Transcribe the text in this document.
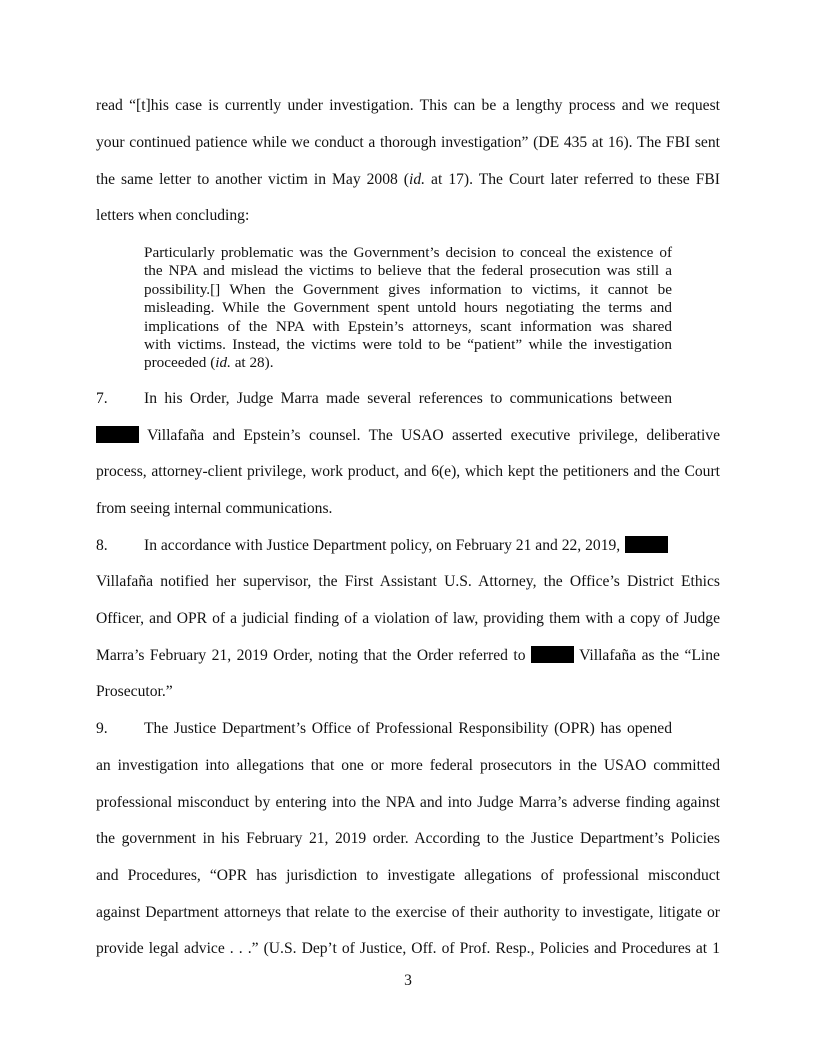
read “[t]his case is currently under investigation. This can be a lengthy process and we request
your continued patience while we conduct a thorough investigation” (DE 435 at 16). The FBI sent
the same letter to another victim in May 2008 (id. at 17). The Court later referred to these FBI
letters when concluding:
Particularly problematic was the Government’s decision to conceal the existence of
the NPA and mislead the victims to believe that the federal prosecution was still a
possibility.[] When the Government gives information to victims, it cannot be
misleading. While the Government spent untold hours negotiating the terms and
implications of the NPA with Epstein’s attorneys, scant information was shared
with victims. Instead, the victims were told to be “patient” while the investigation
proceeded (id. at 28).
7. In his Order, Judge Marra made several references to communications between
Villafaña and Epstein’s counsel. The USAO asserted executive privilege, deliberative
process, attorney-client privilege, work product, and 6(e), which kept the petitioners and the Court
from seeing internal communications.
8. In accordance with Justice Department policy, on February 21 and 22, 2019,
Villafaña notified her supervisor, the First Assistant U.S. Attorney, the Office’s District Ethics
Officer, and OPR of a judicial finding of a violation of law, providing them with a copy of Judge
Marra’s February 21, 2019 Order, noting that the Order referred to	Villafaña as the “Line
Prosecutor.”
9. The Justice Department’s Office of Professional Responsibility (OPR) has opened
an investigation into allegations that one or more federal prosecutors in the USAO committed
professional misconduct by entering into the NPA and into Judge Marra’s adverse finding against
the government in his February 21, 2019 order. According to the Justice Department’s Policies
and Procedures, “OPR has jurisdiction to investigate allegations of professional misconduct
against Department attorneys that relate to the exercise of their authority to investigate, litigate or
provide legal advice . . .” (U.S. Dep’t of Justice, Off. of Prof. Resp., Policies and Procedures at 1
3
